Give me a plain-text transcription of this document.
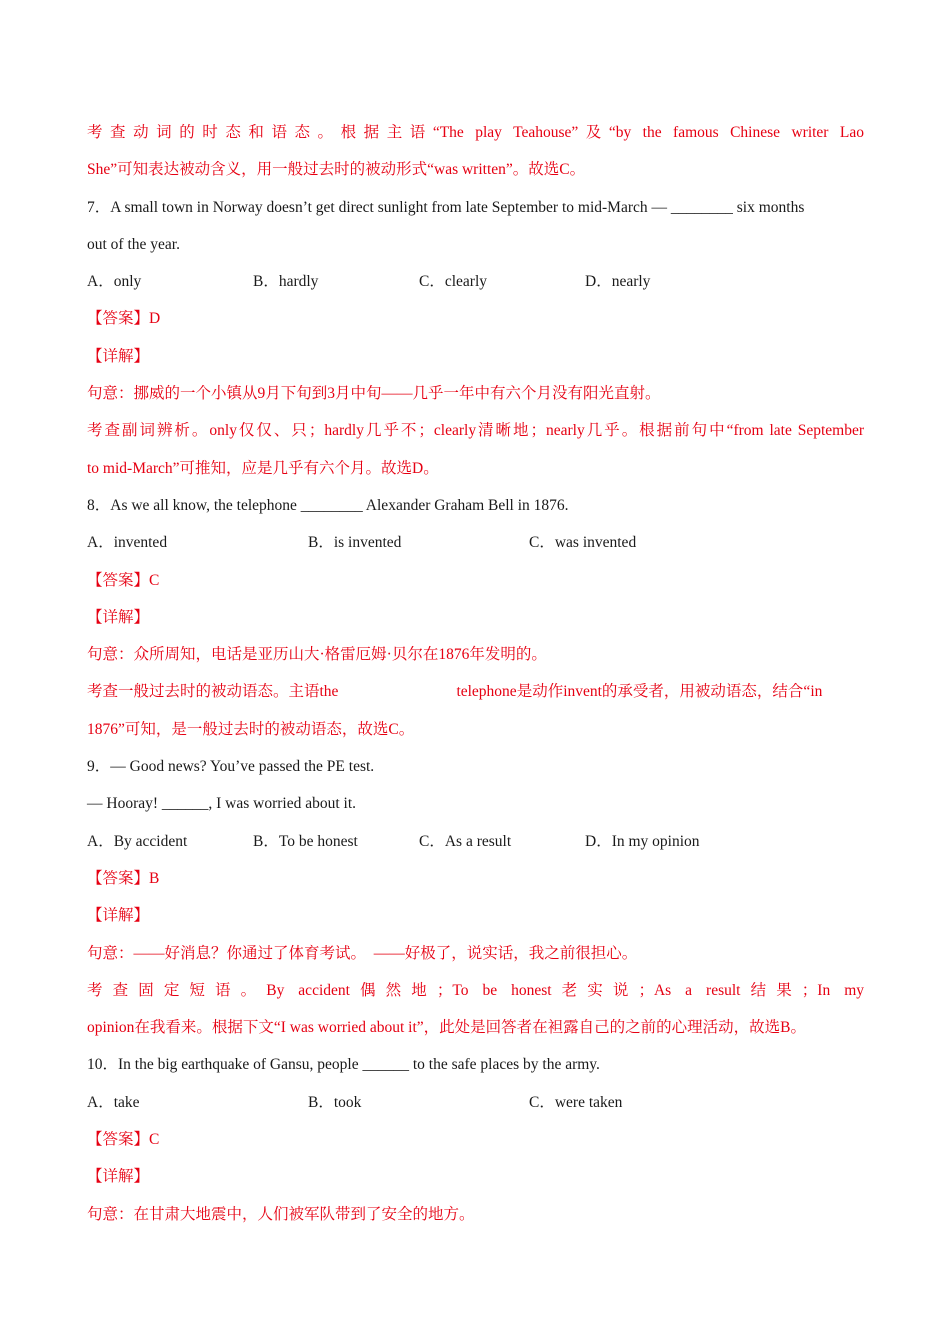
考查动词的时态和语态。根据主语“The play Teahouse”及“by the famous Chinese writer Lao
She”可知表达被动含义，用一般过去时的被动形式“was written”。故选C。
7．A small town in Norway doesn’t get direct sunlight from late September to mid-March — ________ six months
out of the year.
A．only	B．hardly	C．clearly	D．nearly
【答案】D
【详解】
句意：挪威的一个小镇从9月下旬到3月中旬——几乎一年中有六个月没有阳光直射。
考查副词辨析。only仅仅、只；hardly几乎不；clearly清晰地；nearly几乎。根据前句中“from late September
to mid-March”可推知，应是几乎有六个月。故选D。
8．As we all know, the telephone ________ Alexander Graham Bell in 1876.
A．invented	B．is invented	C．was invented
【答案】C
【详解】
句意：众所周知，电话是亚历山大·格雷厄姆·贝尔在1876年发明的。
考查一般过去时的被动语态。主语the	telephone是动作invent的承受者，用被动语态，结合“in
1876”可知，是一般过去时的被动语态，故选C。
9．— Good news? You’ve passed the PE test.
— Hooray! ______, I was worried about it.
A．By accident	B．To be honest	C．As a result	D．In my opinion
【答案】B
【详解】
句意：——好消息？你通过了体育考试。　——好极了，说实话，我之前很担心。
考查固定短语。By accident偶然地；To be honest老实说；As a result结果；In my
opinion在我看来。根据下文“I was worried about it”，此处是回答者在袒露自己的之前的心理活动，故选B。
10．In the big earthquake of Gansu, people ______ to the safe places by the army.
A．take	B．took	C．were taken
【答案】C
【详解】
句意：在甘肃大地震中，人们被军队带到了安全的地方。
